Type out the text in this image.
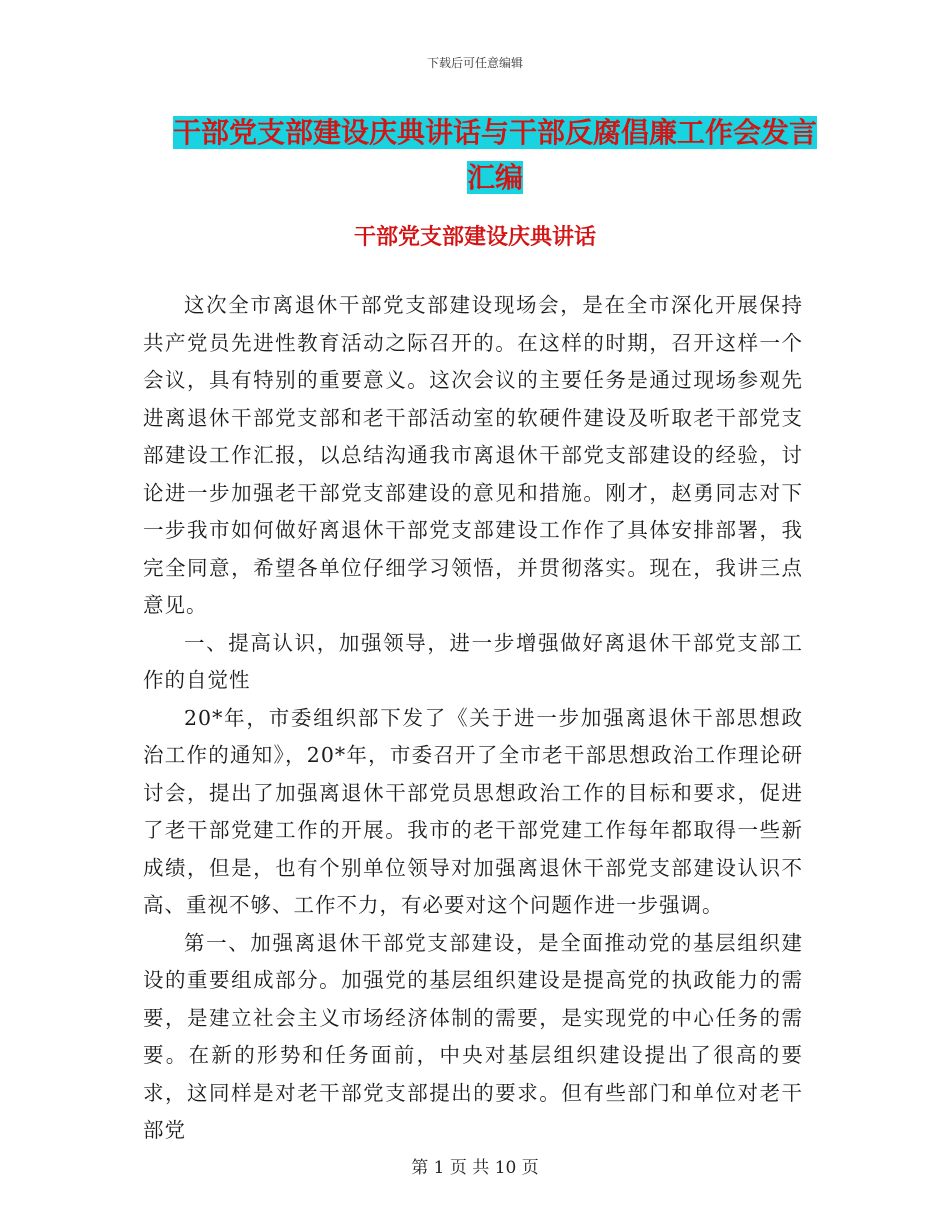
下载后可任意编辑
干部党支部建设庆典讲话与干部反腐倡廉工作会发言
汇编
干部党支部建设庆典讲话

这次全市离退休干部党支部建设现场会，是在全市深化开展保持共产党员先进性教育活动之际召开的。在这样的时期，召开这样一个会议，具有特别的重要意义。这次会议的主要任务是通过现场参观先进离退休干部党支部和老干部活动室的软硬件建设及听取老干部党支部建设工作汇报，以总结沟通我市离退休干部党支部建设的经验，讨论进一步加强老干部党支部建设的意见和措施。刚才，赵勇同志对下一步我市如何做好离退休干部党支部建设工作作了具体安排部署，我完全同意，希望各单位仔细学习领悟，并贯彻落实。现在，我讲三点意见。

一、提高认识，加强领导，进一步增强做好离退休干部党支部工作的自觉性

20*年，市委组织部下发了《关于进一步加强离退休干部思想政治工作的通知》，20*年，市委召开了全市老干部思想政治工作理论研讨会，提出了加强离退休干部党员思想政治工作的目标和要求，促进了老干部党建工作的开展。我市的老干部党建工作每年都取得一些新成绩，但是，也有个别单位领导对加强离退休干部党支部建设认识不高、重视不够、工作不力，有必要对这个问题作进一步强调。

第一、加强离退休干部党支部建设，是全面推动党的基层组织建设的重要组成部分。加强党的基层组织建设是提高党的执政能力的需要，是建立社会主义市场经济体制的需要，是实现党的中心任务的需要。在新的形势和任务面前，中央对基层组织建设提出了很高的要求，这同样是对老干部党支部提出的要求。但有些部门和单位对老干部党

第 1 页 共 10 页
